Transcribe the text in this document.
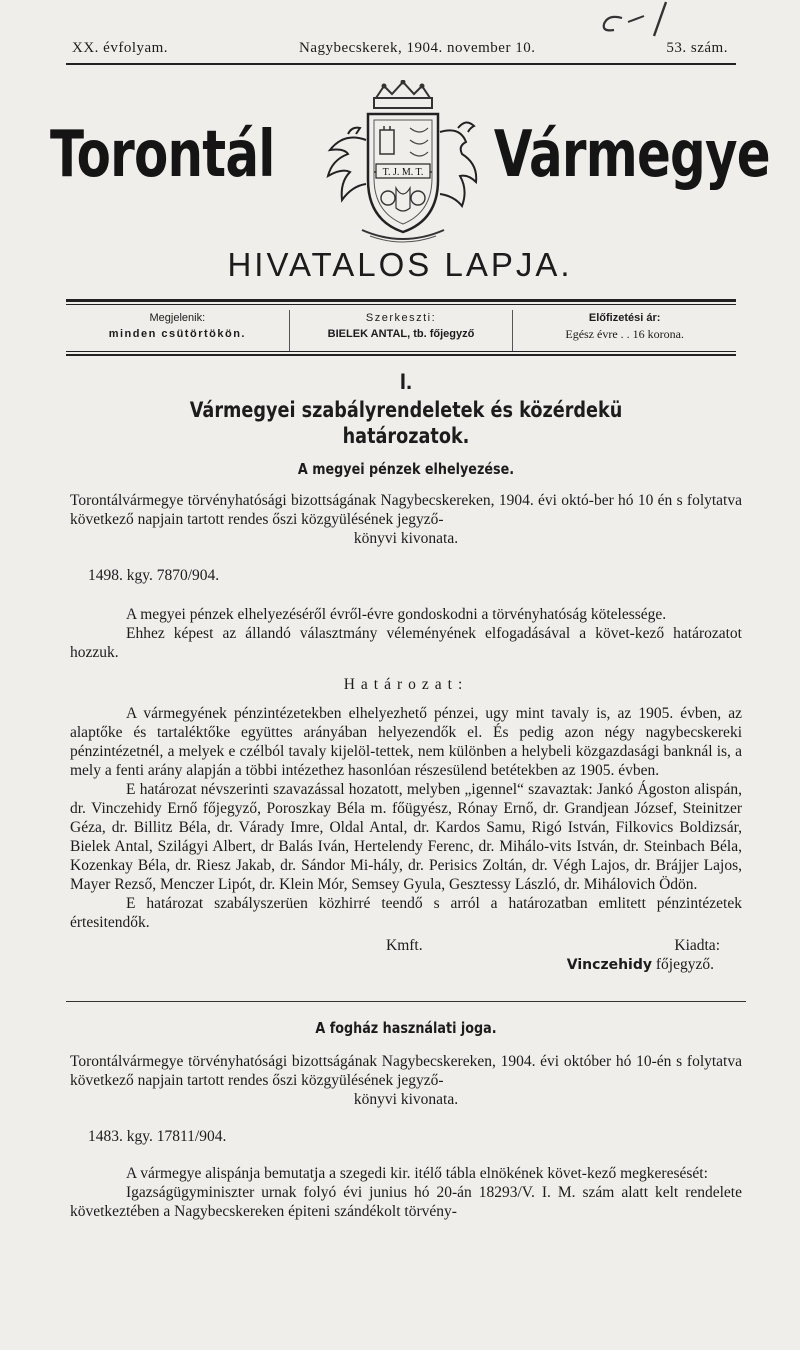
XX. évfolyam.	Nagybecskerek, 1904. november 10.	53. szám.
Torontál	Vármegye
T. J. M. T.
HIVATALOS LAPJA.
Megjelenik:
minden csütörtökön.
Szerkeszti:
BIELEK ANTAL, tb. főjegyző
Előfizetési ár:
Egész évre . . 16 korona.
I.
Vármegyei szabályrendeletek és közérdekü határozatok.
A megyei pénzek elhelyezése.

Torontálvármegye törvényhatósági bizottságának Nagybecskereken, 1904. évi októ-ber hó 10 én s folytatva következő napjain tartott rendes őszi közgyülésének jegyző-

könyvi kivonata.

1498. kgy. 7870/904.

A megyei pénzek elhelyezéséről évről-évre gondoskodni a törvényhatóság kötelessége.

Ehhez képest az állandó választmány véleményének elfogadásával a követ-kező határozatot hozzuk.

Határozat:

A vármegyének pénzintézetekben elhelyezhető pénzei, ugy mint tavaly is, az 1905. évben, az alaptőke és tartaléktőke együttes arányában helyezendők el. És pedig azon négy nagybecskereki pénzintézetnél, a melyek e czélból tavaly kijelöl-tettek, nem különben a helybeli közgazdasági banknál is, a mely a fenti arány alapján a többi intézethez hasonlóan részesülend betétekben az 1905. évben.

E határozat névszerinti szavazással hozatott, melyben „igennel“ szavaztak: Jankó Ágoston alispán, dr. Vinczehidy Ernő főjegyző, Poroszkay Béla m. főügyész, Rónay Ernő, dr. Grandjean József, Steinitzer Géza, dr. Billitz Béla, dr. Várady Imre, Oldal Antal, dr. Kardos Samu, Rigó István, Filkovics Boldizsár, Bielek Antal, Szilágyi Albert, dr Balás Iván, Hertelendy Ferenc, dr. Mihálo-vits István, dr. Steinbach Béla, Kozenkay Béla, dr. Riesz Jakab, dr. Sándor Mi-hály, dr. Perisics Zoltán, dr. Végh Lajos, dr. Brájjer Lajos, Mayer Rezső, Menczer Lipót, dr. Klein Mór, Semsey Gyula, Gesztessy László, dr. Mihálovich Ödön.

E határozat szabályszerüen közhirré teendő s arról a határozatban emlitett pénzintézetek értesitendők.

Kmft.	Kiadta:
Vinczehidy főjegyző.
A fogház használati joga.

Torontálvármegye törvényhatósági bizottságának Nagybecskereken, 1904. évi október hó 10-én s folytatva következő napjain tartott rendes őszi közgyülésének jegyző-

könyvi kivonata.

1483. kgy. 17811/904.

A vármegye alispánja bemutatja a szegedi kir. itélő tábla elnökének követ-kező megkeresését:

Igazságügyminiszter urnak folyó évi junius hó 20-án 18293/V. I. M. szám alatt kelt rendelete következtében a Nagybecskereken épiteni szándékolt törvény-
